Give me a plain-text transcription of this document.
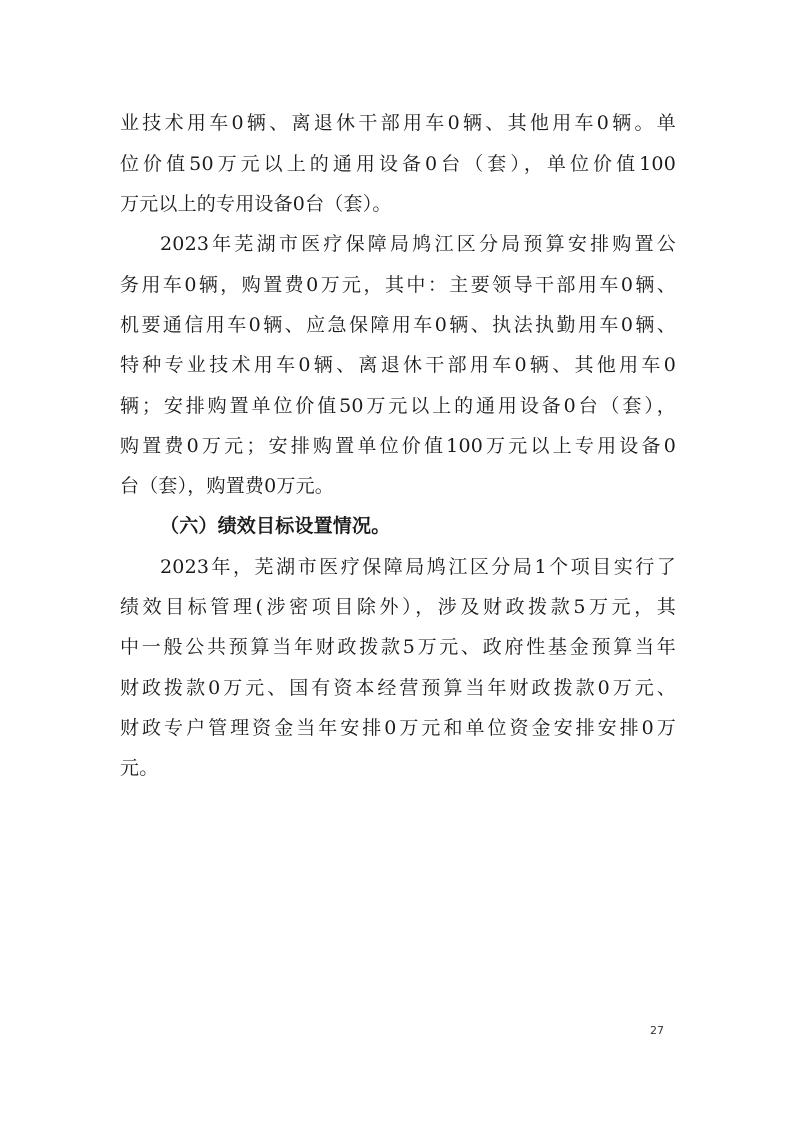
业技术用车0辆、离退休干部用车0辆、其他用车0辆。单
位价值50万元以上的通用设备0台（套），单位价值100
万元以上的专用设备0台（套）。
2023年芜湖市医疗保障局鸠江区分局预算安排购置公
务用车0辆，购置费0万元，其中：主要领导干部用车0辆、
机要通信用车0辆、应急保障用车0辆、执法执勤用车0辆、
特种专业技术用车0辆、离退休干部用车0辆、其他用车0
辆；安排购置单位价值50万元以上的通用设备0台（套），
购置费0万元；安排购置单位价值100万元以上专用设备0
台（套），购置费0万元。
（六）绩效目标设置情况。
2023年，芜湖市医疗保障局鸠江区分局1个项目实行了
绩效目标管理(涉密项目除外），涉及财政拨款5万元，其
中一般公共预算当年财政拨款5万元、政府性基金预算当年
财政拨款0万元、国有资本经营预算当年财政拨款0万元、
财政专户管理资金当年安排0万元和单位资金安排安排0万
元。
27
